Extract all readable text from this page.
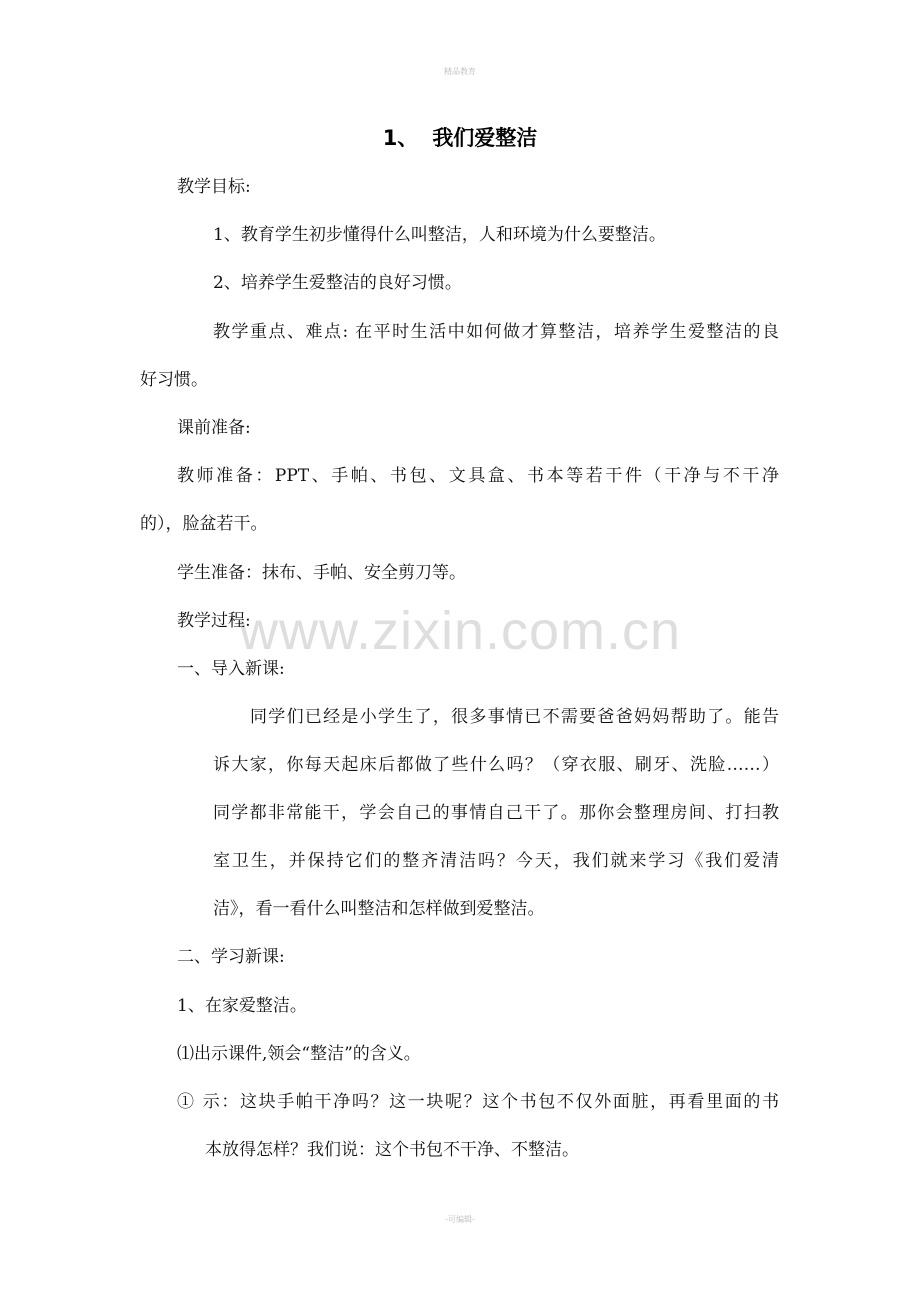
精品教育
www.zixin.com.cn
1、 我们爱整洁
教学目标:
1、教育学生初步懂得什么叫整洁，人和环境为什么要整洁。
2、培养学生爱整洁的良好习惯。
教学重点、难点: 在平时生活中如何做才算整洁，培养学生爱整洁的良
好习惯。
课前准备:
教师准备：PPT、手帕、书包、文具盒、书本等若干件（干净与不干净
的），脸盆若干。
学生准备：抹布、手帕、安全剪刀等。
教学过程:
一、导入新课:
同学们已经是小学生了，很多事情已不需要爸爸妈妈帮助了。能告
诉大家，你每天起床后都做了些什么吗？（穿衣服、刷牙、洗脸……）
同学都非常能干，学会自己的事情自己干了。那你会整理房间、打扫教
室卫生，并保持它们的整齐清洁吗？今天，我们就来学习《我们爱清
洁》，看一看什么叫整洁和怎样做到爱整洁。
二、学习新课:
1、在家爱整洁。
⑴出示课件,领会“整洁”的含义。
① 示：这块手帕干净吗？这一块呢？这个书包不仅外面脏，再看里面的书
本放得怎样？我们说：这个书包不干净、不整洁。
-可编辑-
